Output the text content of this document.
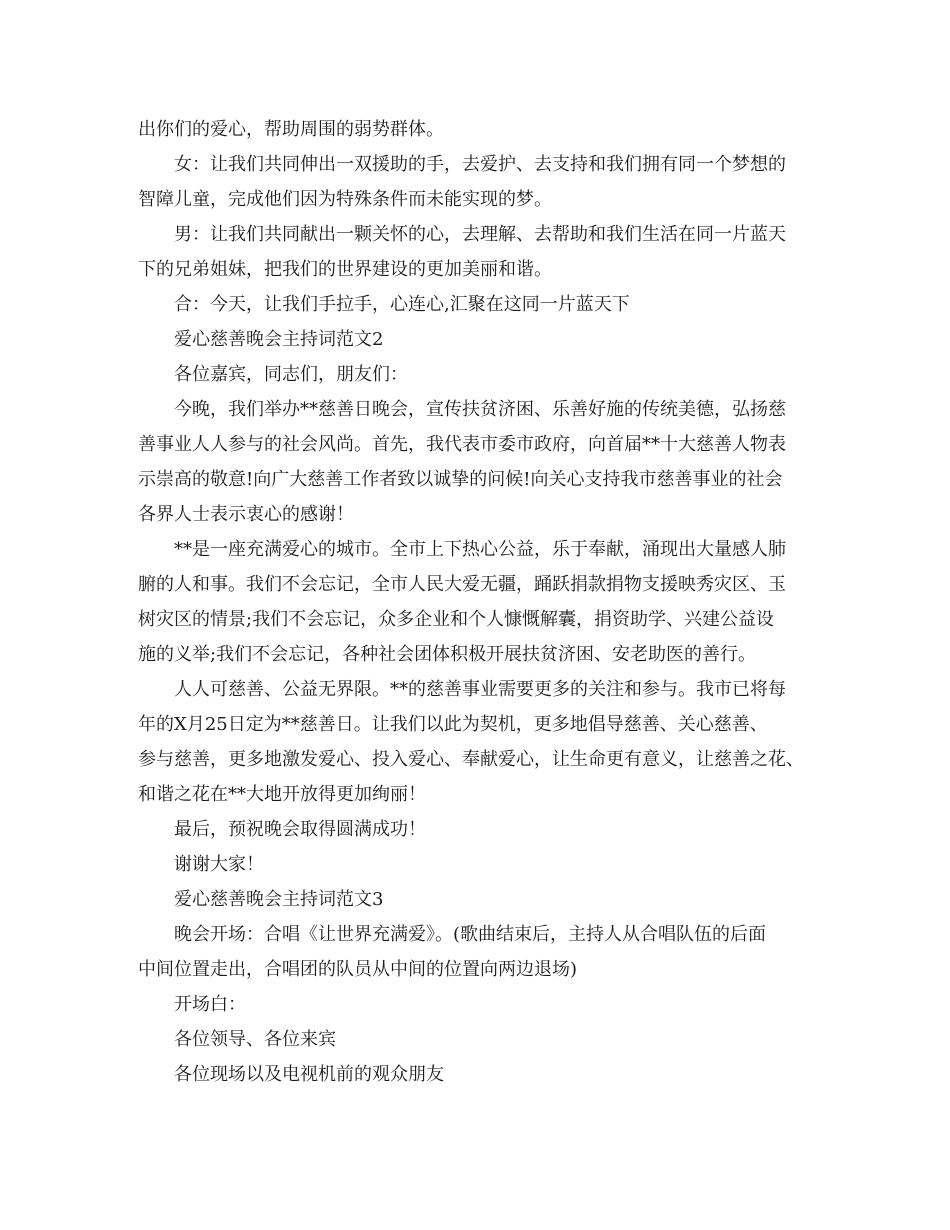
出你们的爱心，帮助周围的弱势群体。

女：让我们共同伸出一双援助的手，去爱护、去支持和我们拥有同一个梦想的

智障儿童，完成他们因为特殊条件而未能实现的梦。

男：让我们共同献出一颗关怀的心，去理解、去帮助和我们生活在同一片蓝天

下的兄弟姐妹，把我们的世界建设的更加美丽和谐。

合：今天，让我们手拉手，心连心,汇聚在这同一片蓝天下

爱心慈善晚会主持词范文2

各位嘉宾，同志们，朋友们：

今晚，我们举办**慈善日晚会，宣传扶贫济困、乐善好施的传统美德，弘扬慈

善事业人人参与的社会风尚。首先，我代表市委市政府，向首届**十大慈善人物表

示崇高的敬意!向广大慈善工作者致以诚挚的问候!向关心支持我市慈善事业的社会

各界人士表示衷心的感谢！

**是一座充满爱心的城市。全市上下热心公益，乐于奉献，涌现出大量感人肺

腑的人和事。我们不会忘记，全市人民大爱无疆，踊跃捐款捐物支援映秀灾区、玉

树灾区的情景;我们不会忘记，众多企业和个人慷慨解囊，捐资助学、兴建公益设

施的义举;我们不会忘记，各种社会团体积极开展扶贫济困、安老助医的善行。

人人可慈善、公益无界限。**的慈善事业需要更多的关注和参与。我市已将每

年的X月25日定为**慈善日。让我们以此为契机，更多地倡导慈善、关心慈善、

参与慈善，更多地激发爱心、投入爱心、奉献爱心，让生命更有意义，让慈善之花、

和谐之花在**大地开放得更加绚丽！

最后，预祝晚会取得圆满成功！

谢谢大家！

爱心慈善晚会主持词范文3

晚会开场：合唱《让世界充满爱》。(歌曲结束后，主持人从合唱队伍的后面

中间位置走出，合唱团的队员从中间的位置向两边退场)

开场白：

各位领导、各位来宾

各位现场以及电视机前的观众朋友
